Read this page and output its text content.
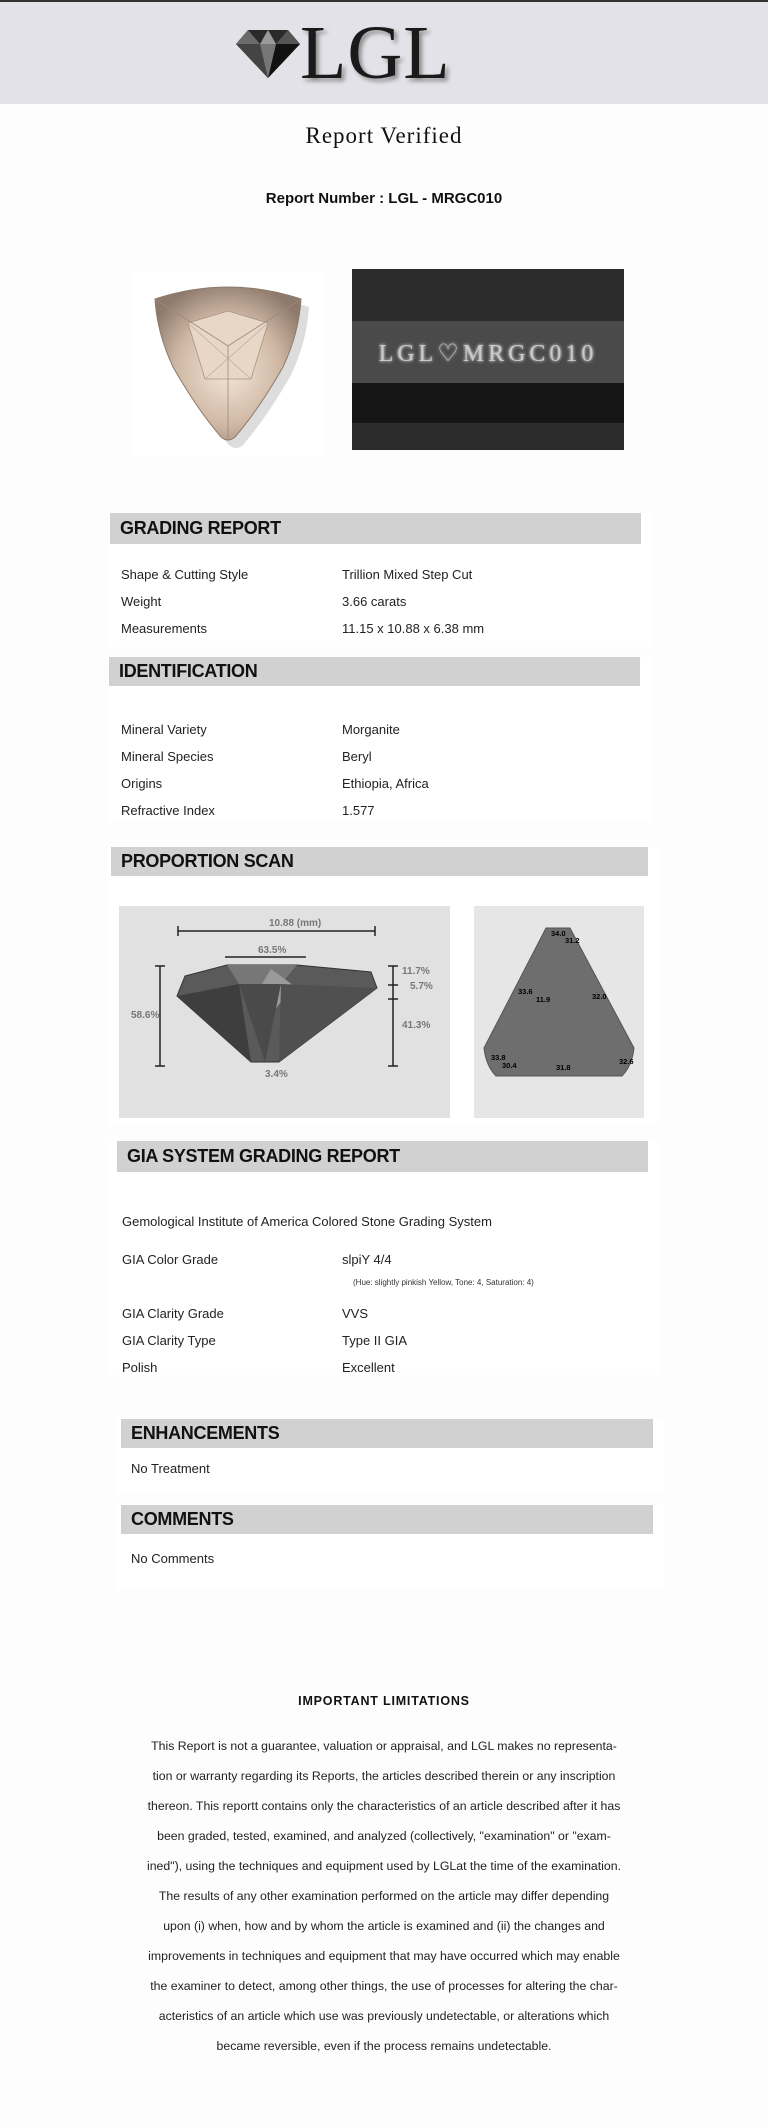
LGL
Report Verified
Report Number : LGL - MRGC010
LGL♡MRGC010
GRADING REPORT
Shape & Cutting Style	Trillion Mixed Step Cut
Weight	3.66 carats
Measurements	11.15 x 10.88 x 6.38 mm
IDENTIFICATION
Mineral Variety	Morganite
Mineral Species	Beryl
Origins	Ethiopia, Africa
Refractive Index	1.577
PROPORTION SCAN
10.88 (mm)
63.5%
58.6%
11.7%
5.7%
41.3%
3.4%
34.0
31.2
33.6
11.9	32.0
33.8
30.4	31.8
32.6
GIA SYSTEM GRADING REPORT
Gemological Institute of America Colored Stone Grading System
GIA Color Grade	slpiY 4/4
(Hue: slightly pinkish Yellow, Tone: 4, Saturation: 4)
GIA Clarity Grade	VVS
GIA Clarity Type	Type II GIA
Polish	Excellent
ENHANCEMENTS
No Treatment
COMMENTS
No Comments
IMPORTANT LIMITATIONS
This Report is not a guarantee, valuation or appraisal, and LGL makes no representa-
tion or warranty regarding its Reports, the articles described therein or any inscription
thereon. This reportt contains only the characteristics of an article described after it has
been graded, tested, examined, and analyzed (collectively, "examination" or "exam-
ined"), using the techniques and equipment used by LGLat the time of the examination.
The results of any other examination performed on the article may differ depending
upon (i) when, how and by whom the article is examined and (ii) the changes and
improvements in techniques and equipment that may have occurred which may enable
the examiner to detect, among other things, the use of processes for altering the char-
acteristics of an article which use was previously undetectable, or alterations which
became reversible, even if the process remains undetectable.
